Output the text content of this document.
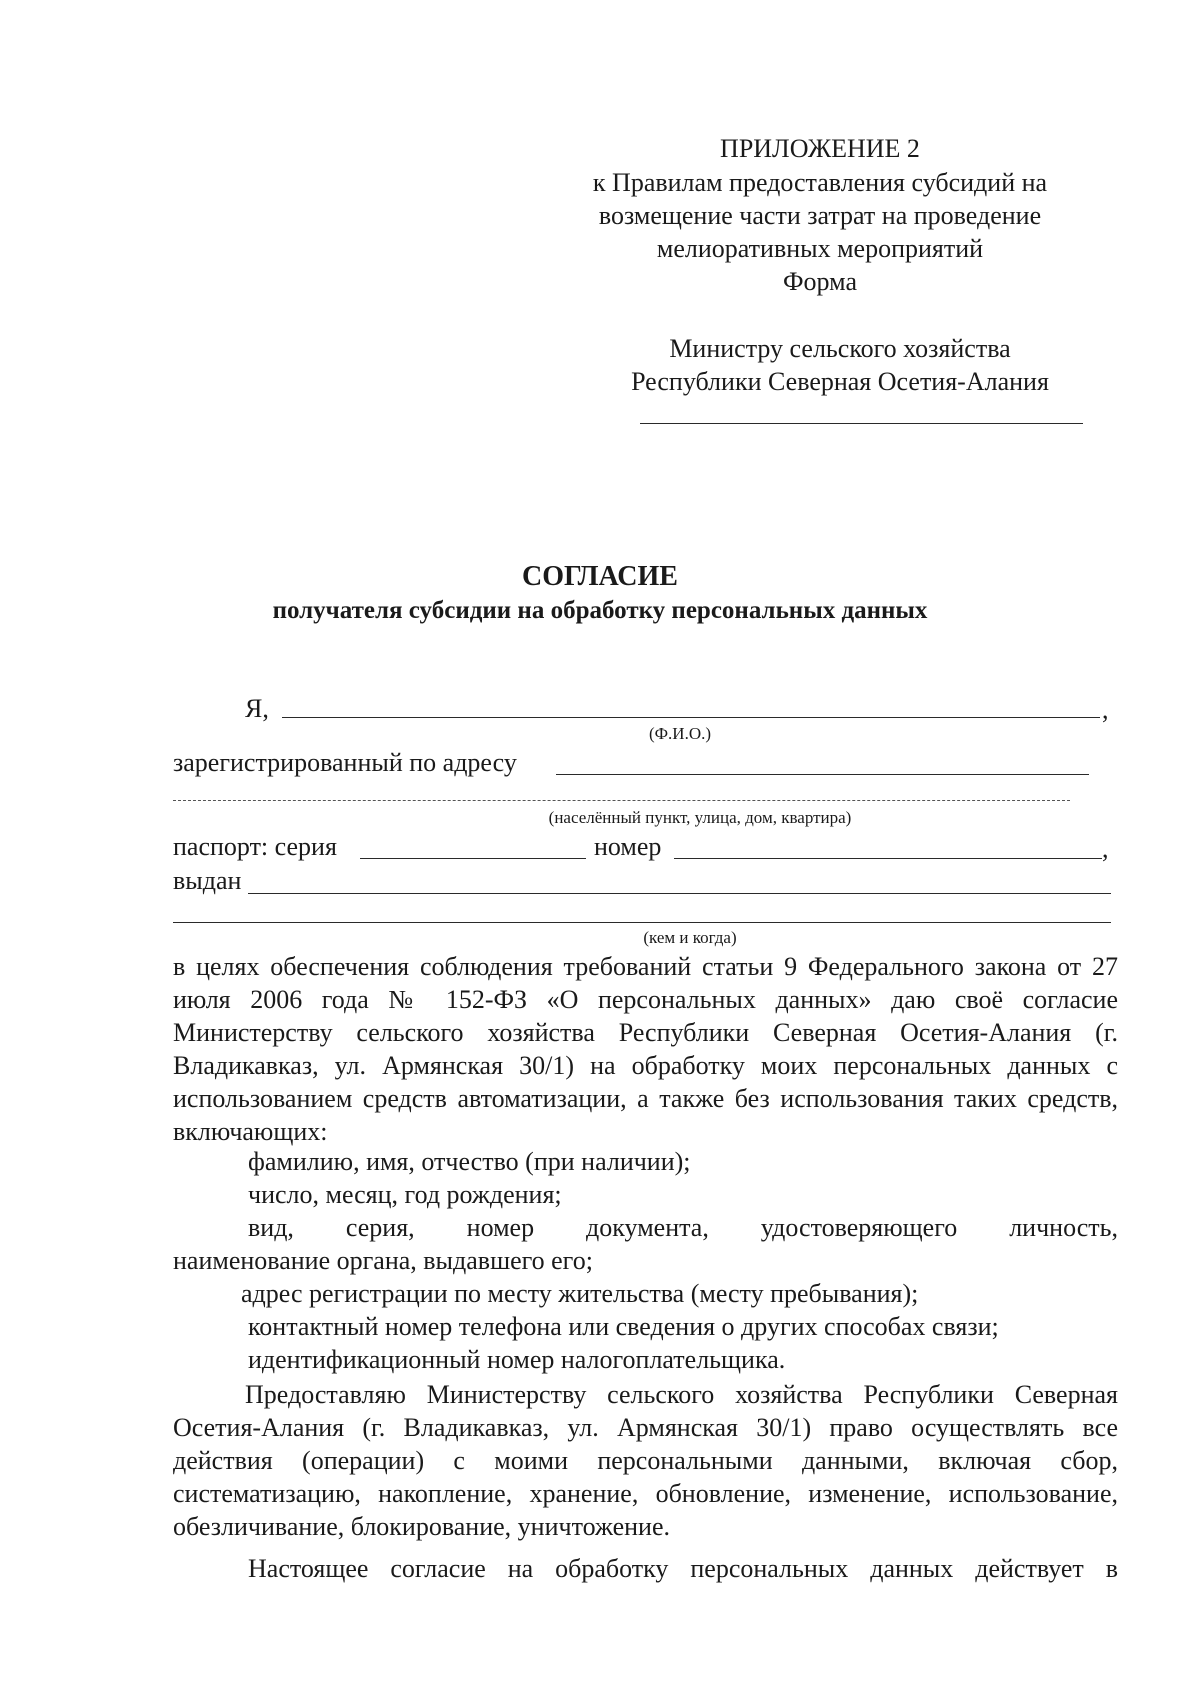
ПРИЛОЖЕНИЕ 2
к Правилам предоставления субсидий на
возмещение части затрат на проведение
мелиоративных мероприятий
Форма
Министру сельского хозяйства
Республики Северная Осетия-Алания
СОГЛАСИЕ
получателя субсидии на обработку персональных данных
Я,	,
(Ф.И.О.)
зарегистрированный по адресу
(населённый пункт, улица, дом, квартира)
паспорт: серия	номер	,
выдан
(кем и когда)
в целях обеспечения соблюдения требований статьи 9 Федерального закона от 27 июля 2006 года № 152-ФЗ «О персональных данных» даю своё согласие Министерству сельского хозяйства Республики Северная Осетия-Алания (г. Владикавказ, ул. Армянская 30/1) на обработку моих персональных данных с использованием средств автоматизации, а также без использования таких средств, включающих:
фамилию, имя, отчество (при наличии);
число, месяц, год рождения;
вид, серия, номер документа, удостоверяющего личность,
наименование органа, выдавшего его;
адрес регистрации по месту жительства (месту пребывания);
контактный номер телефона или сведения о других способах связи;
идентификационный номер налогоплательщика.
Предоставляю Министерству сельского хозяйства Республики Северная Осетия-Алания (г. Владикавказ, ул. Армянская 30/1) право осуществлять все действия (операции) с моими персональными данными, включая сбор, систематизацию, накопление, хранение, обновление, изменение, использование, обезличивание, блокирование, уничтожение.
Настоящее согласие на обработку персональных данных действует в
